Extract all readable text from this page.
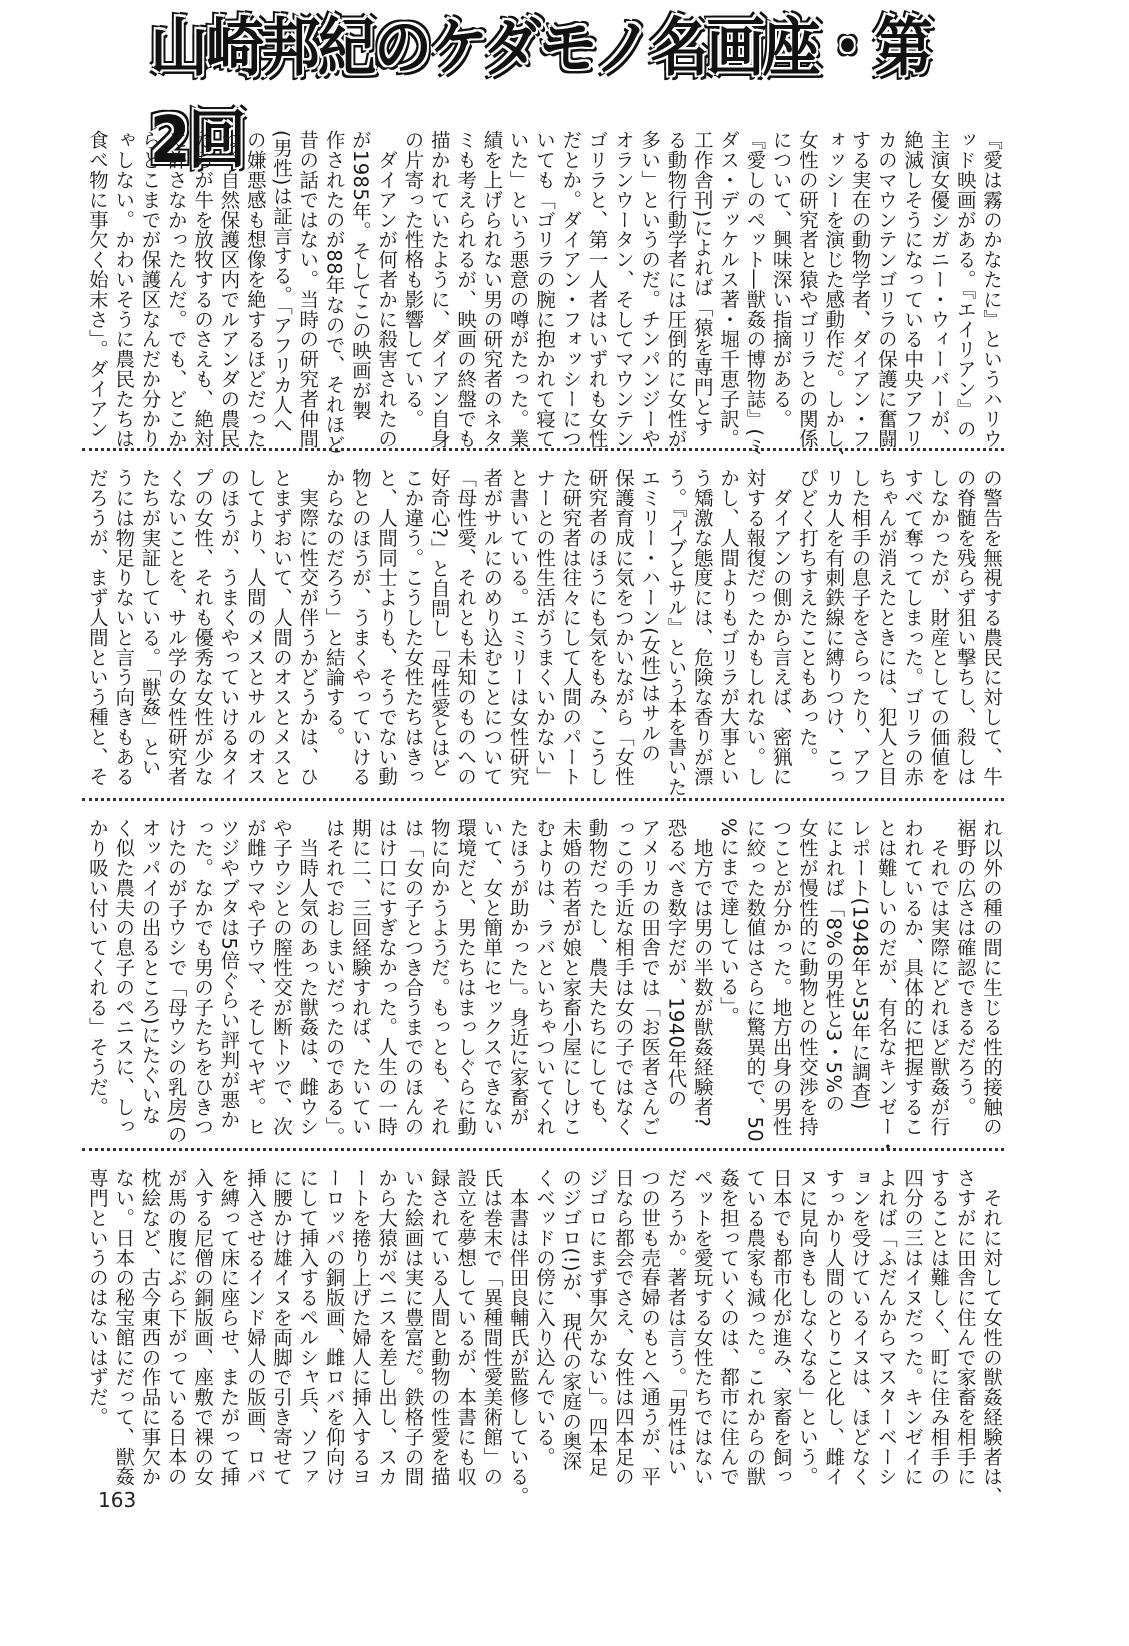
山崎邦紀のケダモノ名画座・第2回	『愛は霧のかなたに』というハリウ
ッド映画がある。『エイリアン』の
主演女優シガニー・ウィーバーが、
絶滅しそうになっている中央アフリ
カのマウンテンゴリラの保護に奮闘
する実在の動物学者、ダイアン・フ
ォッシーを演じた感動作だ。しかし、
女性の研究者と猿やゴリラとの関係
について、興味深い指摘がある。
『愛しのペット―獣姦の博物誌』(ミ
ダス・デッケルス著・堀千恵子訳。
工作舎刊)によれば「猿を専門とす
る動物行動学者には圧倒的に女性が
多い」というのだ。チンパンジーや
オランウータン、そしてマウンテン
ゴリラと、第一人者はいずれも女性
だとか。ダイアン・フォッシーにつ
いても「ゴリラの腕に抱かれて寝て
いた」という悪意の噂がたった。業
績を上げられない男の研究者のネタ
ミも考えられるが、映画の終盤でも
描かれていたように、ダイアン自身
の片寄った性格も影響している。
　ダイアンが何者かに殺害されたの
が1985年。そしてこの映画が製
作されたのが88年なので、それほど
昔の話ではない。当時の研究者仲間
(男性)は証言する。「アフリカ人へ
の嫌悪感も想像を絶するほどだった
ね。自然保護区内でルアンダの農民
たちが牛を放牧するのさえも、絶対
に許さなかったんだ。でも、どこか
らどこまでが保護区なんだか分かり
ゃしない。かわいそうに農民たちは
食べ物に事欠く始末さ」。ダイアン
の警告を無視する農民に対して、牛
の脊髄を残らず狙い撃ちし、殺しは
しなかったが、財産としての価値を
すべて奪ってしまった。ゴリラの赤
ちゃんが消えたときには、犯人と目
した相手の息子をさらったり、アフ
リカ人を有刺鉄線に縛りつけ、こっ
ぴどく打ちすえたこともあった。
　ダイアンの側から言えば、密猟に
対する報復だったかもしれない。し
かし、人間よりもゴリラが大事とい
う矯激な態度には、危険な香りが漂
う。『イブとサル』という本を書いた
エミリー・ハーン(女性)はサルの
保護育成に気をつかいながら「女性
研究者のほうにも気をもみ、こうし
た研究者は往々にして人間のパート
ナーとの性生活がうまくいかない」
と書いている。エミリーは女性研究
者がサルにのめり込むことについて
「母性愛、それとも未知のものへの
好奇心?」と自問し「母性愛とはど
こか違う。こうした女性たちはきっ
と、人間同士よりも、そうでない動
物とのほうが、うまくやっていける
からなのだろう」と結論する。
　実際に性交が伴うかどうかは、ひ
とまずおいて、人間のオスとメスと
してより、人間のメスとサルのオス
のほうが、うまくやっていけるタイ
プの女性、それも優秀な女性が少な
くないことを、サル学の女性研究者
たちが実証している。「獣姦」とい
うには物足りないと言う向きもある
だろうが、まず人間という種と、そ
れ以外の種の間に生じる性的接触の
裾野の広さは確認できるだろう。
　それでは実際にどれほど獣姦が行
われているか、具体的に把握するこ
とは難しいのだが、有名なキンゼー・
レポート(1948年と53年に調査)
によれば「8%の男性と3・5%の
女性が慢性的に動物との性交渉を持
つことが分かった。地方出身の男性
に絞った数値はさらに驚異的で、50
%にまで達している」。
　地方では男の半数が獣姦経験者?
恐るべき数字だが、1940年代の
アメリカの田舎では「お医者さんご
っこの手近な相手は女の子ではなく
動物だったし、農夫たちにしても、
未婚の若者が娘と家畜小屋にしけこ
むよりは、ラバといちゃついてくれ
たほうが助かった」。身近に家畜が
いて、女と簡単にセックスできない
環境だと、男たちはまっしぐらに動
物に向かうようだ。もっとも、それ
は「女の子とつき合うまでのほんの
はけ口にすぎなかった。人生の一時
期に二、三回経験すれば、たいてい
はそれでおしまいだったのである」。
　当時人気のあった獣姦は、雌ウシ
や子ウシとの膣性交が断トツで、次
が雌ウマや子ウマ、そしてヤギ。ヒ
ツジやブタは5倍ぐらい評判が悪か
った。なかでも男の子たちをひきつ
けたのが子ウシで「母ウシの乳房(の
オッパイの出るところ)にたぐいな
く似た農夫の息子のペニスに、しっ
かり吸い付いてくれる」そうだ。
　それに対して女性の獣姦経験者は、
さすがに田舎に住んで家畜を相手に
することは難しく、町に住み相手の
四分の三はイヌだった。キンゼイに
よれば「ふだんからマスターベーシ
ョンを受けているイヌは、ほどなく
すっかり人間のとりこと化し、雌イ
ヌに見向きもしなくなる」という。
日本でも都市化が進み、家畜を飼っ
ている農家も減った。これからの獣
姦を担っていくのは、都市に住んで
ペットを愛玩する女性たちではない
だろうか。著者は言う。「男性はい
つの世も売春婦のもとへ通うが、平
日なら都会でさえ、女性は四本足の
ジゴロにまず事欠かない」。四本足
のジゴロ(!)が、現代の家庭の奥深
くベッドの傍に入り込んでいる。
　本書は伴田良輔氏が監修している。
氏は巻末で「異種間性愛美術館」の
設立を夢想しているが、本書にも収
録されている人間と動物の性愛を描
いた絵画は実に豊富だ。鉄格子の間
から大猿がペニスを差し出し、スカ
ートを捲り上げた婦人に挿入するヨ
ーロッパの銅版画、雌ロバを仰向け
にして挿入するペルシャ兵、ソファ
に腰かけ雄イヌを両脚で引き寄せて
挿入させるインド婦人の版画、ロバ
を縛って床に座らせ、またがって挿
入する尼僧の銅版画、座敷で裸の女
が馬の腹にぶら下がっている日本の
枕絵など、古今東西の作品に事欠か
ない。日本の秘宝館にだって、獣姦
専門というのはないはずだ。
163
